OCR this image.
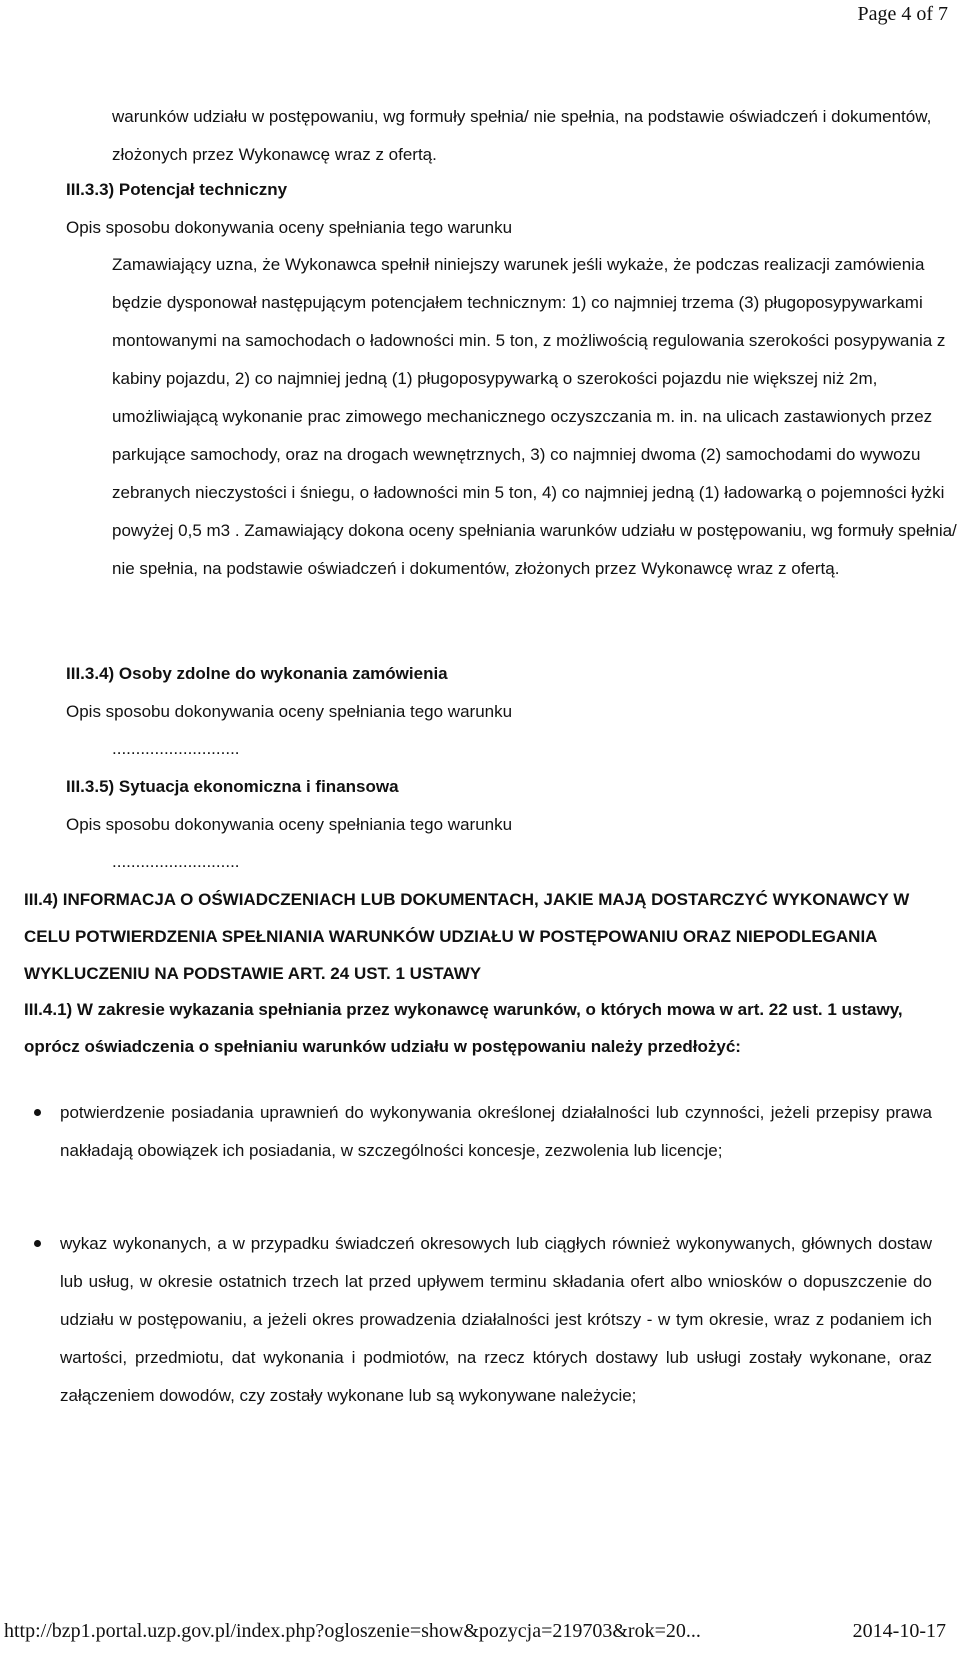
Page 4 of 7

warunków udziału w postępowaniu, wg formuły spełnia/ nie spełnia, na podstawie oświadczeń i dokumentów, złożonych przez Wykonawcę wraz z ofertą.

III.3.3) Potencjał techniczny

Opis sposobu dokonywania oceny spełniania tego warunku

Zamawiający uzna, że Wykonawca spełnił niniejszy warunek jeśli wykaże, że podczas realizacji zamówienia będzie dysponował następującym potencjałem technicznym: 1) co najmniej trzema (3) pługoposypywarkami montowanymi na samochodach o ładowności min. 5 ton, z możliwością regulowania szerokości posypywania z kabiny pojazdu, 2) co najmniej jedną (1) pługoposypywarką o szerokości pojazdu nie większej niż 2m, umożliwiającą wykonanie prac zimowego mechanicznego oczyszczania m. in. na ulicach zastawionych przez parkujące samochody, oraz na drogach wewnętrznych, 3) co najmniej dwoma (2) samochodami do wywozu zebranych nieczystości i śniegu, o ładowności min 5 ton, 4) co najmniej jedną (1) ładowarką o pojemności łyżki powyżej 0,5 m3 . Zamawiający dokona oceny spełniania warunków udziału w postępowaniu, wg formuły spełnia/ nie spełnia, na podstawie oświadczeń i dokumentów, złożonych przez Wykonawcę wraz z ofertą.

III.3.4) Osoby zdolne do wykonania zamówienia

Opis sposobu dokonywania oceny spełniania tego warunku

...........................

III.3.5) Sytuacja ekonomiczna i finansowa

Opis sposobu dokonywania oceny spełniania tego warunku

...........................

III.4) INFORMACJA O OŚWIADCZENIACH LUB DOKUMENTACH, JAKIE MAJĄ DOSTARCZYĆ WYKONAWCY W CELU POTWIERDZENIA SPEŁNIANIA WARUNKÓW UDZIAŁU W POSTĘPOWANIU ORAZ NIEPODLEGANIA WYKLUCZENIU NA PODSTAWIE ART. 24 UST. 1 USTAWY

III.4.1) W zakresie wykazania spełniania przez wykonawcę warunków, o których mowa w art. 22 ust. 1 ustawy, oprócz oświadczenia o spełnianiu warunków udziału w postępowaniu należy przedłożyć:

potwierdzenie posiadania uprawnień do wykonywania określonej działalności lub czynności, jeżeli przepisy prawa nakładają obowiązek ich posiadania, w szczególności koncesje, zezwolenia lub licencje;

wykaz wykonanych, a w przypadku świadczeń okresowych lub ciągłych również wykonywanych, głównych dostaw lub usług, w okresie ostatnich trzech lat przed upływem terminu składania ofert albo wniosków o dopuszczenie do udziału w postępowaniu, a jeżeli okres prowadzenia działalności jest krótszy - w tym okresie, wraz z podaniem ich wartości, przedmiotu, dat wykonania i podmiotów, na rzecz których dostawy lub usługi zostały wykonane, oraz załączeniem dowodów, czy zostały wykonane lub są wykonywane należycie;

http://bzp1.portal.uzp.gov.pl/index.php?ogloszenie=show&pozycja=219703&rok=20...	2014-10-17
